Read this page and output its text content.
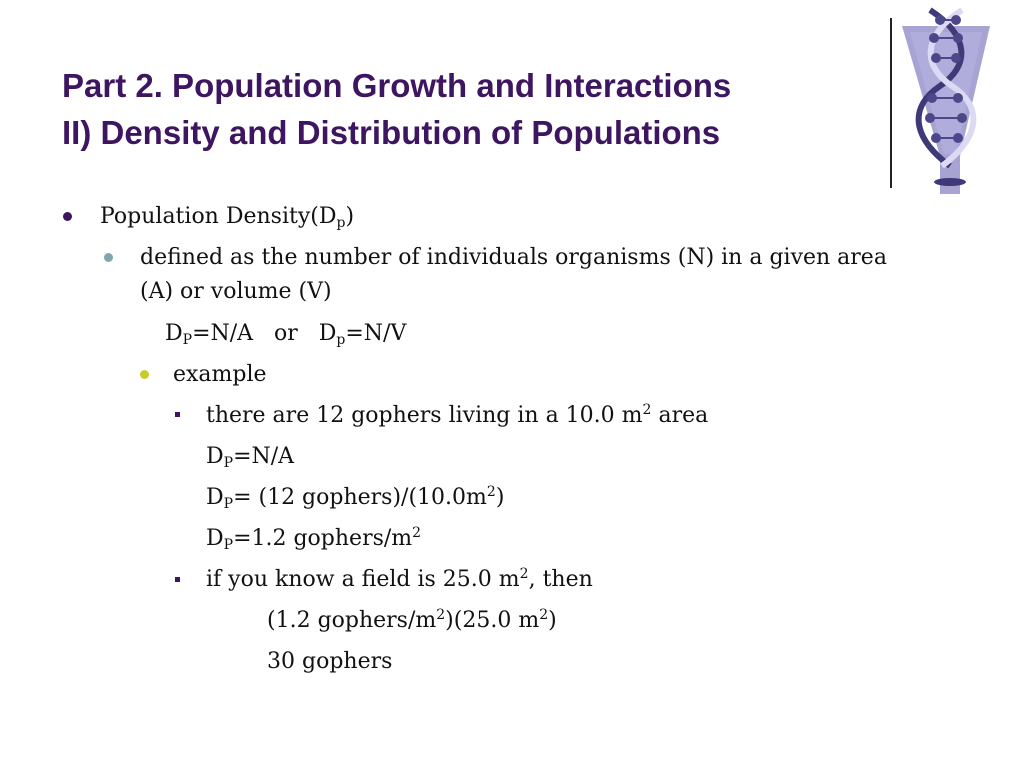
Part 2. Population Growth and Interactions
II) Density and Distribution of Populations
Population $Density(D_p)$
defined as the number of individuals organisms (N) in a given area
(A) or volume (V)
$D_P=N/A$   or   $D_p=N/V$
example
there are 12 gophers living in a 10.0 $m^2$ area
$D_P=N/A$
$D_P= (12$ $gophers)/(10.0m^2)$
$D_P=1.2$ gophers/$m^2$
if you know a field is 25.0 $m^2$, then
(1.2 gophers/$m^2)(25.0$ $m^2$)
30 gophers
